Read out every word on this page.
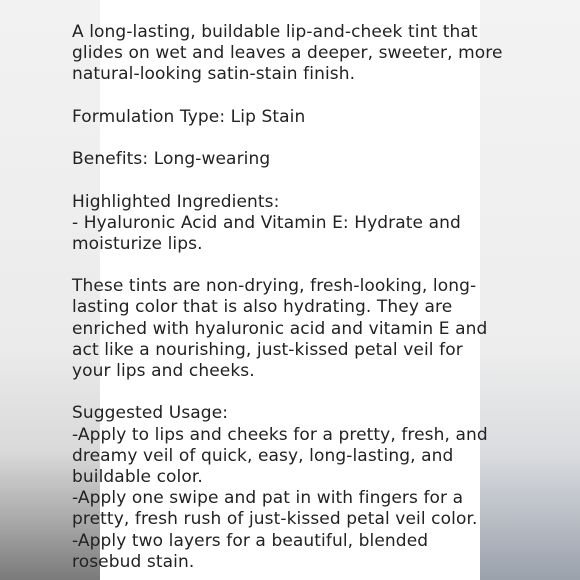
A long-lasting, buildable lip-and-cheek tint that
glides on wet and leaves a deeper, sweeter, more
natural-looking satin-stain finish.
Formulation Type: Lip Stain
Benefits: Long-wearing
Highlighted Ingredients:
- Hyaluronic Acid and Vitamin E: Hydrate and
moisturize lips.
These tints are non-drying, fresh-looking, long-
lasting color that is also hydrating. They are
enriched with hyaluronic acid and vitamin E and
act like a nourishing, just-kissed petal veil for
your lips and cheeks.
Suggested Usage:
-Apply to lips and cheeks for a pretty, fresh, and
dreamy veil of quick, easy, long-lasting, and
buildable color.
-Apply one swipe and pat in with fingers for a
pretty, fresh rush of just-kissed petal veil color.
-Apply two layers for a beautiful, blended
rosebud stain.
